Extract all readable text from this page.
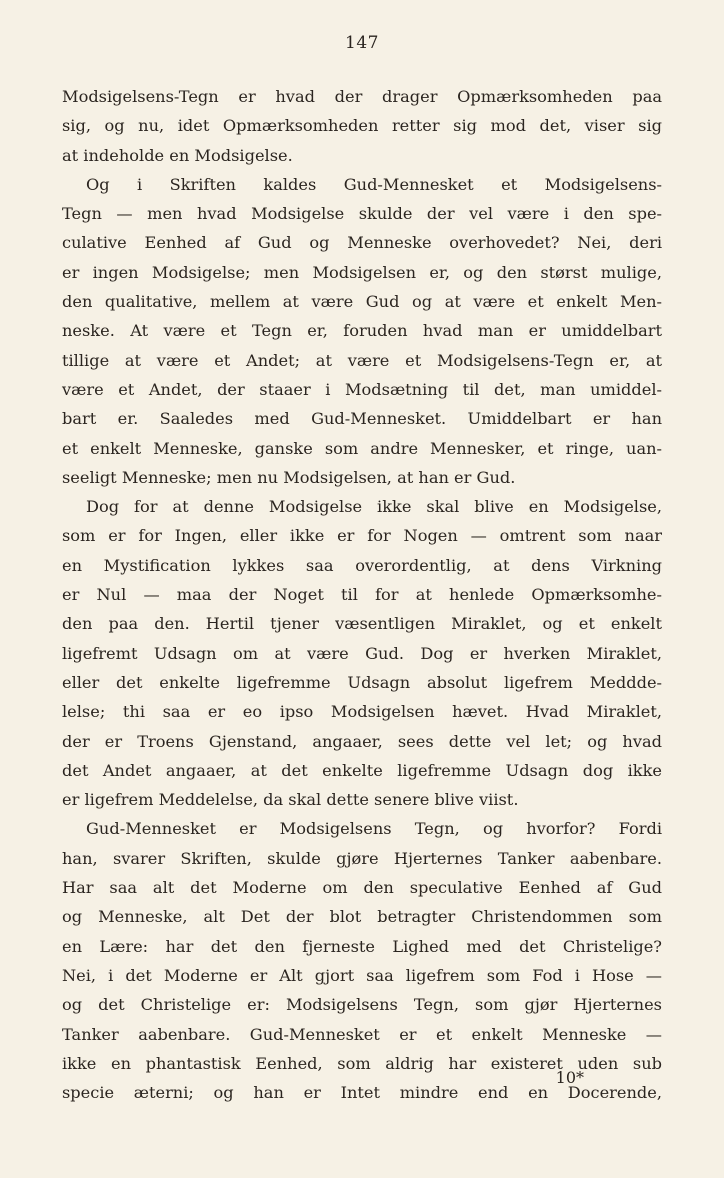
147
Modsigelsens-Tegn er hvad der drager Opmærksomheden paa
sig, og nu, idet Opmærksomheden retter sig mod det, viser sig
at indeholde en Modsigelse.
Og i Skriften kaldes Gud-Mennesket et Modsigelsens-
Tegn — men hvad Modsigelse skulde der vel være i den spe-
culative Eenhed af Gud og Menneske overhovedet? Nei, deri
er ingen Modsigelse; men Modsigelsen er, og den størst mulige,
den qualitative, mellem at være Gud og at være et enkelt Men-
neske. At være et Tegn er, foruden hvad man er umiddelbart
tillige at være et Andet; at være et Modsigelsens-Tegn er, at
være et Andet, der staaer i Modsætning til det, man umiddel-
bart er. Saaledes med Gud-Mennesket. Umiddelbart er han
et enkelt Menneske, ganske som andre Mennesker, et ringe, uan-
seeligt Menneske; men nu Modsigelsen, at han er Gud.
Dog for at denne Modsigelse ikke skal blive en Modsigelse,
som er for Ingen, eller ikke er for Nogen — omtrent som naar
en Mystification lykkes saa overordentlig, at dens Virkning
er Nul — maa der Noget til for at henlede Opmærksomhe-
den paa den. Hertil tjener væsentligen Miraklet, og et enkelt
ligefremt Udsagn om at være Gud. Dog er hverken Miraklet,
eller det enkelte ligefremme Udsagn absolut ligefrem Meddde-
lelse; thi saa er eo ipso Modsigelsen hævet. Hvad Miraklet,
der er Troens Gjenstand, angaaer, sees dette vel let; og hvad
det Andet angaaer, at det enkelte ligefremme Udsagn dog ikke
er ligefrem Meddelelse, da skal dette senere blive viist.
Gud-Mennesket er Modsigelsens Tegn, og hvorfor? Fordi
han, svarer Skriften, skulde gjøre Hjerternes Tanker aabenbare.
Har saa alt det Moderne om den speculative Eenhed af Gud
og Menneske, alt Det der blot betragter Christendommen som
en Lære: har det den fjerneste Lighed med det Christelige?
Nei, i det Moderne er Alt gjort saa ligefrem som Fod i Hose —
og det Christelige er: Modsigelsens Tegn, som gjør Hjerternes
Tanker aabenbare. Gud-Mennesket er et enkelt Menneske —
ikke en phantastisk Eenhed, som aldrig har existeret uden sub
specie æterni; og han er Intet mindre end en Docerende,
10*
